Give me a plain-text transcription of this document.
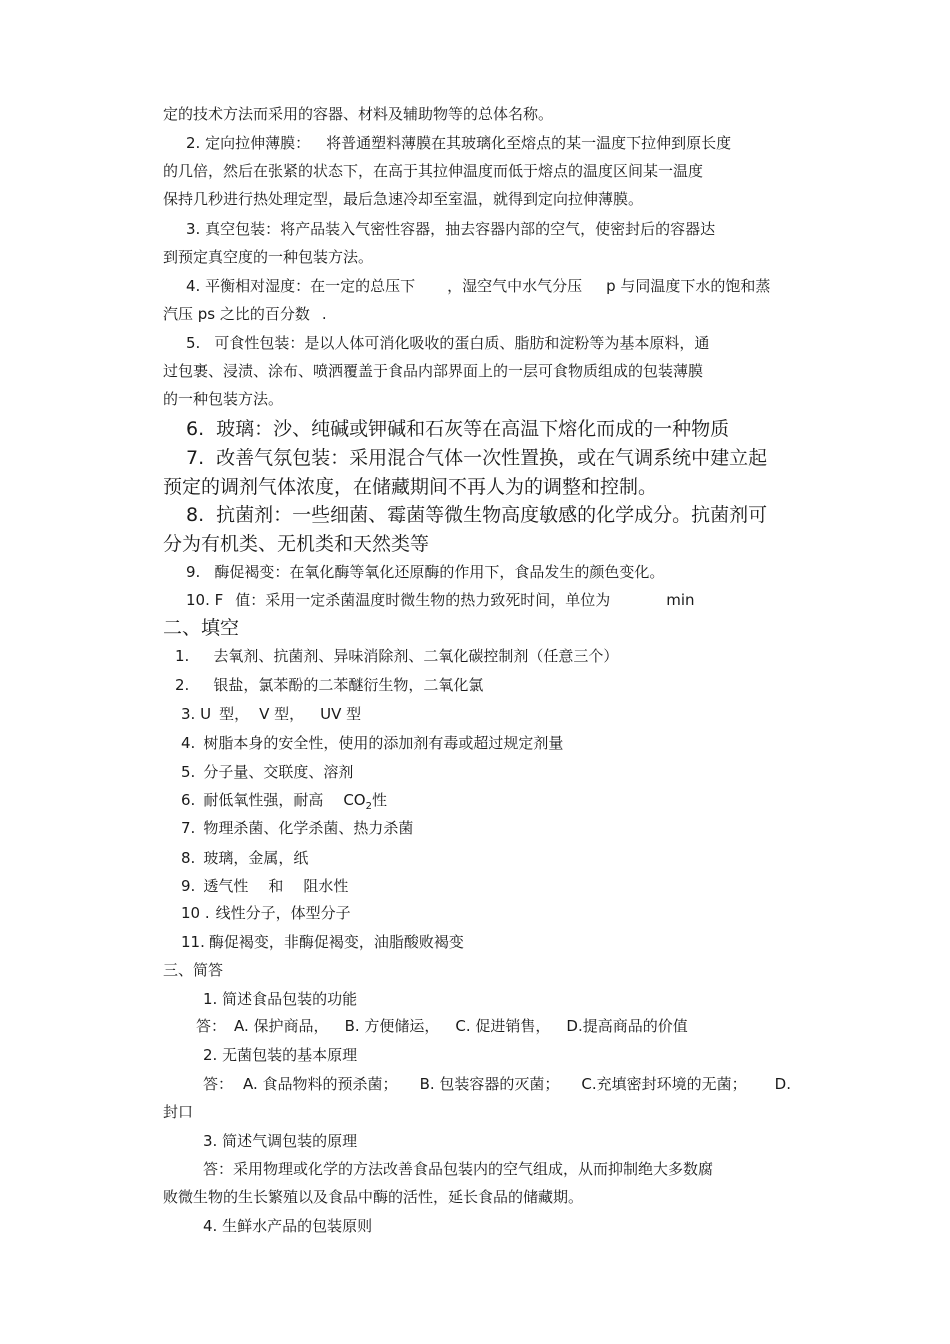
定的技术方法而采用的容器、材料及辅助物等的总体名称。
2. 定向拉伸薄膜： 将普通塑料薄膜在其玻璃化至熔点的某一温度下拉伸到原长度
的几倍，然后在张紧的状态下，在高于其拉伸温度而低于熔点的温度区间某一温度
保持几秒进行热处理定型，最后急速冷却至室温，就得到定向拉伸薄膜。
3. 真空包装：将产品装入气密性容器，抽去容器内部的空气，使密封后的容器达
到预定真空度的一种包装方法。
4. 平衡相对湿度：在一定的总压下 ，湿空气中水气分压 p 与同温度下水的饱和蒸
汽压 ps 之比的百分数 .
5. 可食性包装：是以人体可消化吸收的蛋白质、脂肪和淀粉等为基本原料，通
过包裹、浸渍、涂布、喷洒覆盖于食品内部界面上的一层可食物质组成的包装薄膜
的一种包装方法。
6. 玻璃：沙、纯碱或钾碱和石灰等在高温下熔化而成的一种物质
7. 改善气氛包装：采用混合气体一次性置换，或在气调系统中建立起
预定的调剂气体浓度，在储藏期间不再人为的调整和控制。
8. 抗菌剂：一些细菌、霉菌等微生物高度敏感的化学成分。抗菌剂可
分为有机类、无机类和天然类等
9. 酶促褐变：在氧化酶等氧化还原酶的作用下，食品发生的颜色变化。
10. F 值：采用一定杀菌温度时微生物的热力致死时间，单位为	min
二、填空
1. 去氧剂、抗菌剂、异味消除剂、二氧化碳控制剂（任意三个）
2. 银盐，氯苯酚的二苯醚衍生物，二氧化氯
3. U 型， V 型， UV 型
4. 树脂本身的安全性，使用的添加剂有毒或超过规定剂量
5. 分子量、交联度、溶剂
6. 耐低氧性强，耐高 $CO_2$性
7. 物理杀菌、化学杀菌、热力杀菌
8. 玻璃，金属，纸
9. 透气性 和 阻水性
10 . 线性分子，体型分子
11. 酶促褐变，非酶促褐变，油脂酸败褐变
三、简答
1. 简述食品包装的功能
答： A. 保护商品， B. 方便储运， C. 促进销售， D.提高商品的价值
2. 无菌包装的基本原理
答： A. 食品物料的预杀菌； B. 包装容器的灭菌； C.充填密封环境的无菌； D.
封口
3. 简述气调包装的原理
答：采用物理或化学的方法改善食品包装内的空气组成，从而抑制绝大多数腐
败微生物的生长繁殖以及食品中酶的活性，延长食品的储藏期。
4. 生鲜水产品的包装原则
